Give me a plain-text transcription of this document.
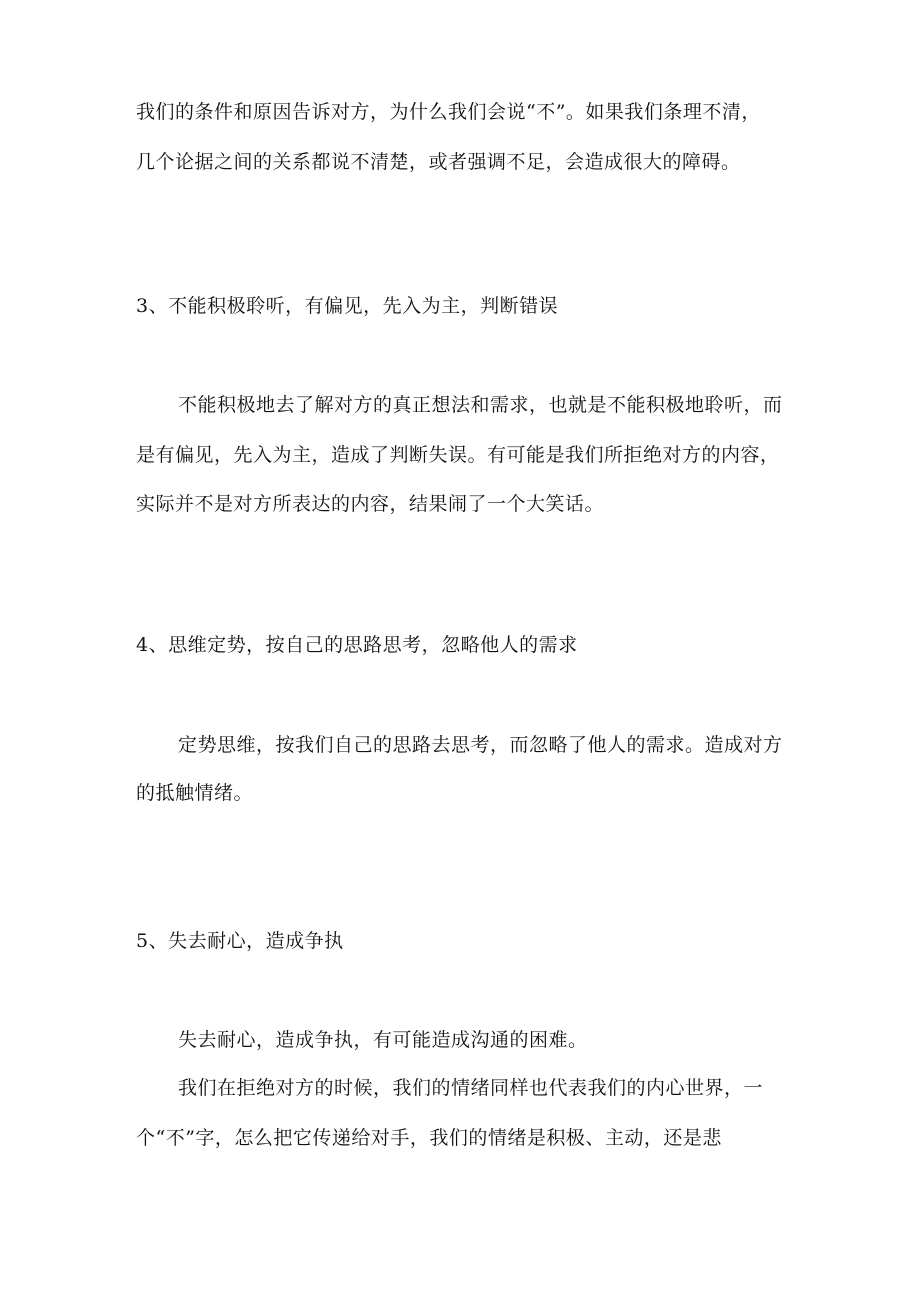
我们的条件和原因告诉对方，为什么我们会说“不”。如果我们条理不清，
几个论据之间的关系都说不清楚，或者强调不足，会造成很大的障碍。
3、不能积极聆听，有偏见，先入为主，判断错误
不能积极地去了解对方的真正想法和需求，也就是不能积极地聆听，而
是有偏见，先入为主，造成了判断失误。有可能是我们所拒绝对方的内容，
实际并不是对方所表达的内容，结果闹了一个大笑话。
4、思维定势，按自己的思路思考，忽略他人的需求
定势思维，按我们自己的思路去思考，而忽略了他人的需求。造成对方
的抵触情绪。
5、失去耐心，造成争执
失去耐心，造成争执，有可能造成沟通的困难。
我们在拒绝对方的时候，我们的情绪同样也代表我们的内心世界，一
个“不”字，怎么把它传递给对手，我们的情绪是积极、主动，还是悲
